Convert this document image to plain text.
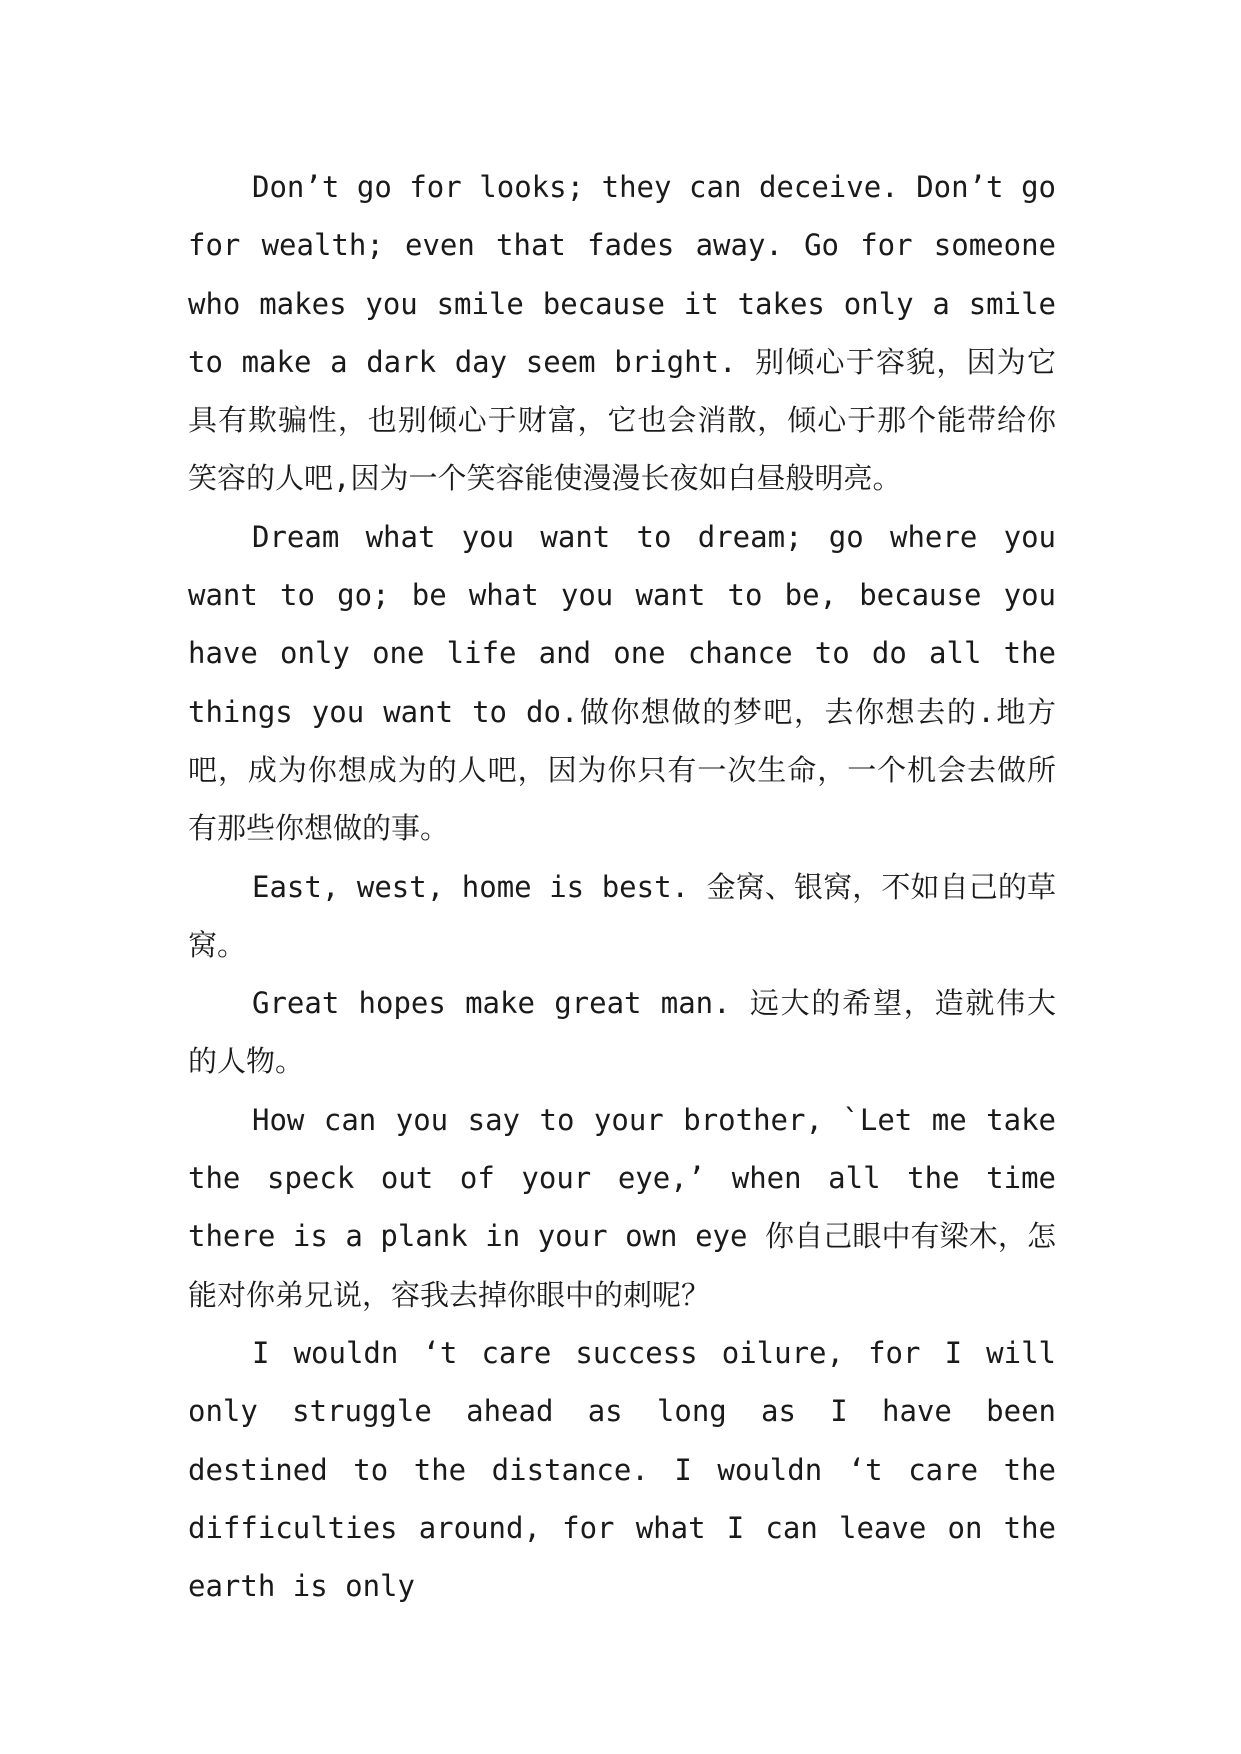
Don’t go for looks; they can deceive. Don’t go for wealth; even that fades away. Go for someone who makes you smile because it takes only a smile to make a dark day seem bright. 别倾心于容貌，因为它具有欺骗性，也别倾心于财富，它也会消散，倾心于那个能带给你笑容的人吧,因为一个笑容能使漫漫长夜如白昼般明亮。

Dream what you want to dream; go where you want to go; be what you want to be, because you have only one life and one chance to do all the things you want to do.做你想做的梦吧，去你想去的.地方吧，成为你想成为的人吧，因为你只有一次生命，一个机会去做所有那些你想做的事。

East, west, home is best. 金窝、银窝，不如自己的草窝。

Great hopes make great man. 远大的希望，造就伟大的人物。

How can you say to your brother, `Let me take the speck out of your eye,’ when all the time there is a plank in your own eye 你自己眼中有梁木，怎能对你弟兄说，容我去掉你眼中的刺呢？

I wouldn ‘t care success oilure, for I will only struggle ahead as long as I have been destined to the distance. I wouldn ‘t care the difficulties around, for what I can leave on the earth is only
